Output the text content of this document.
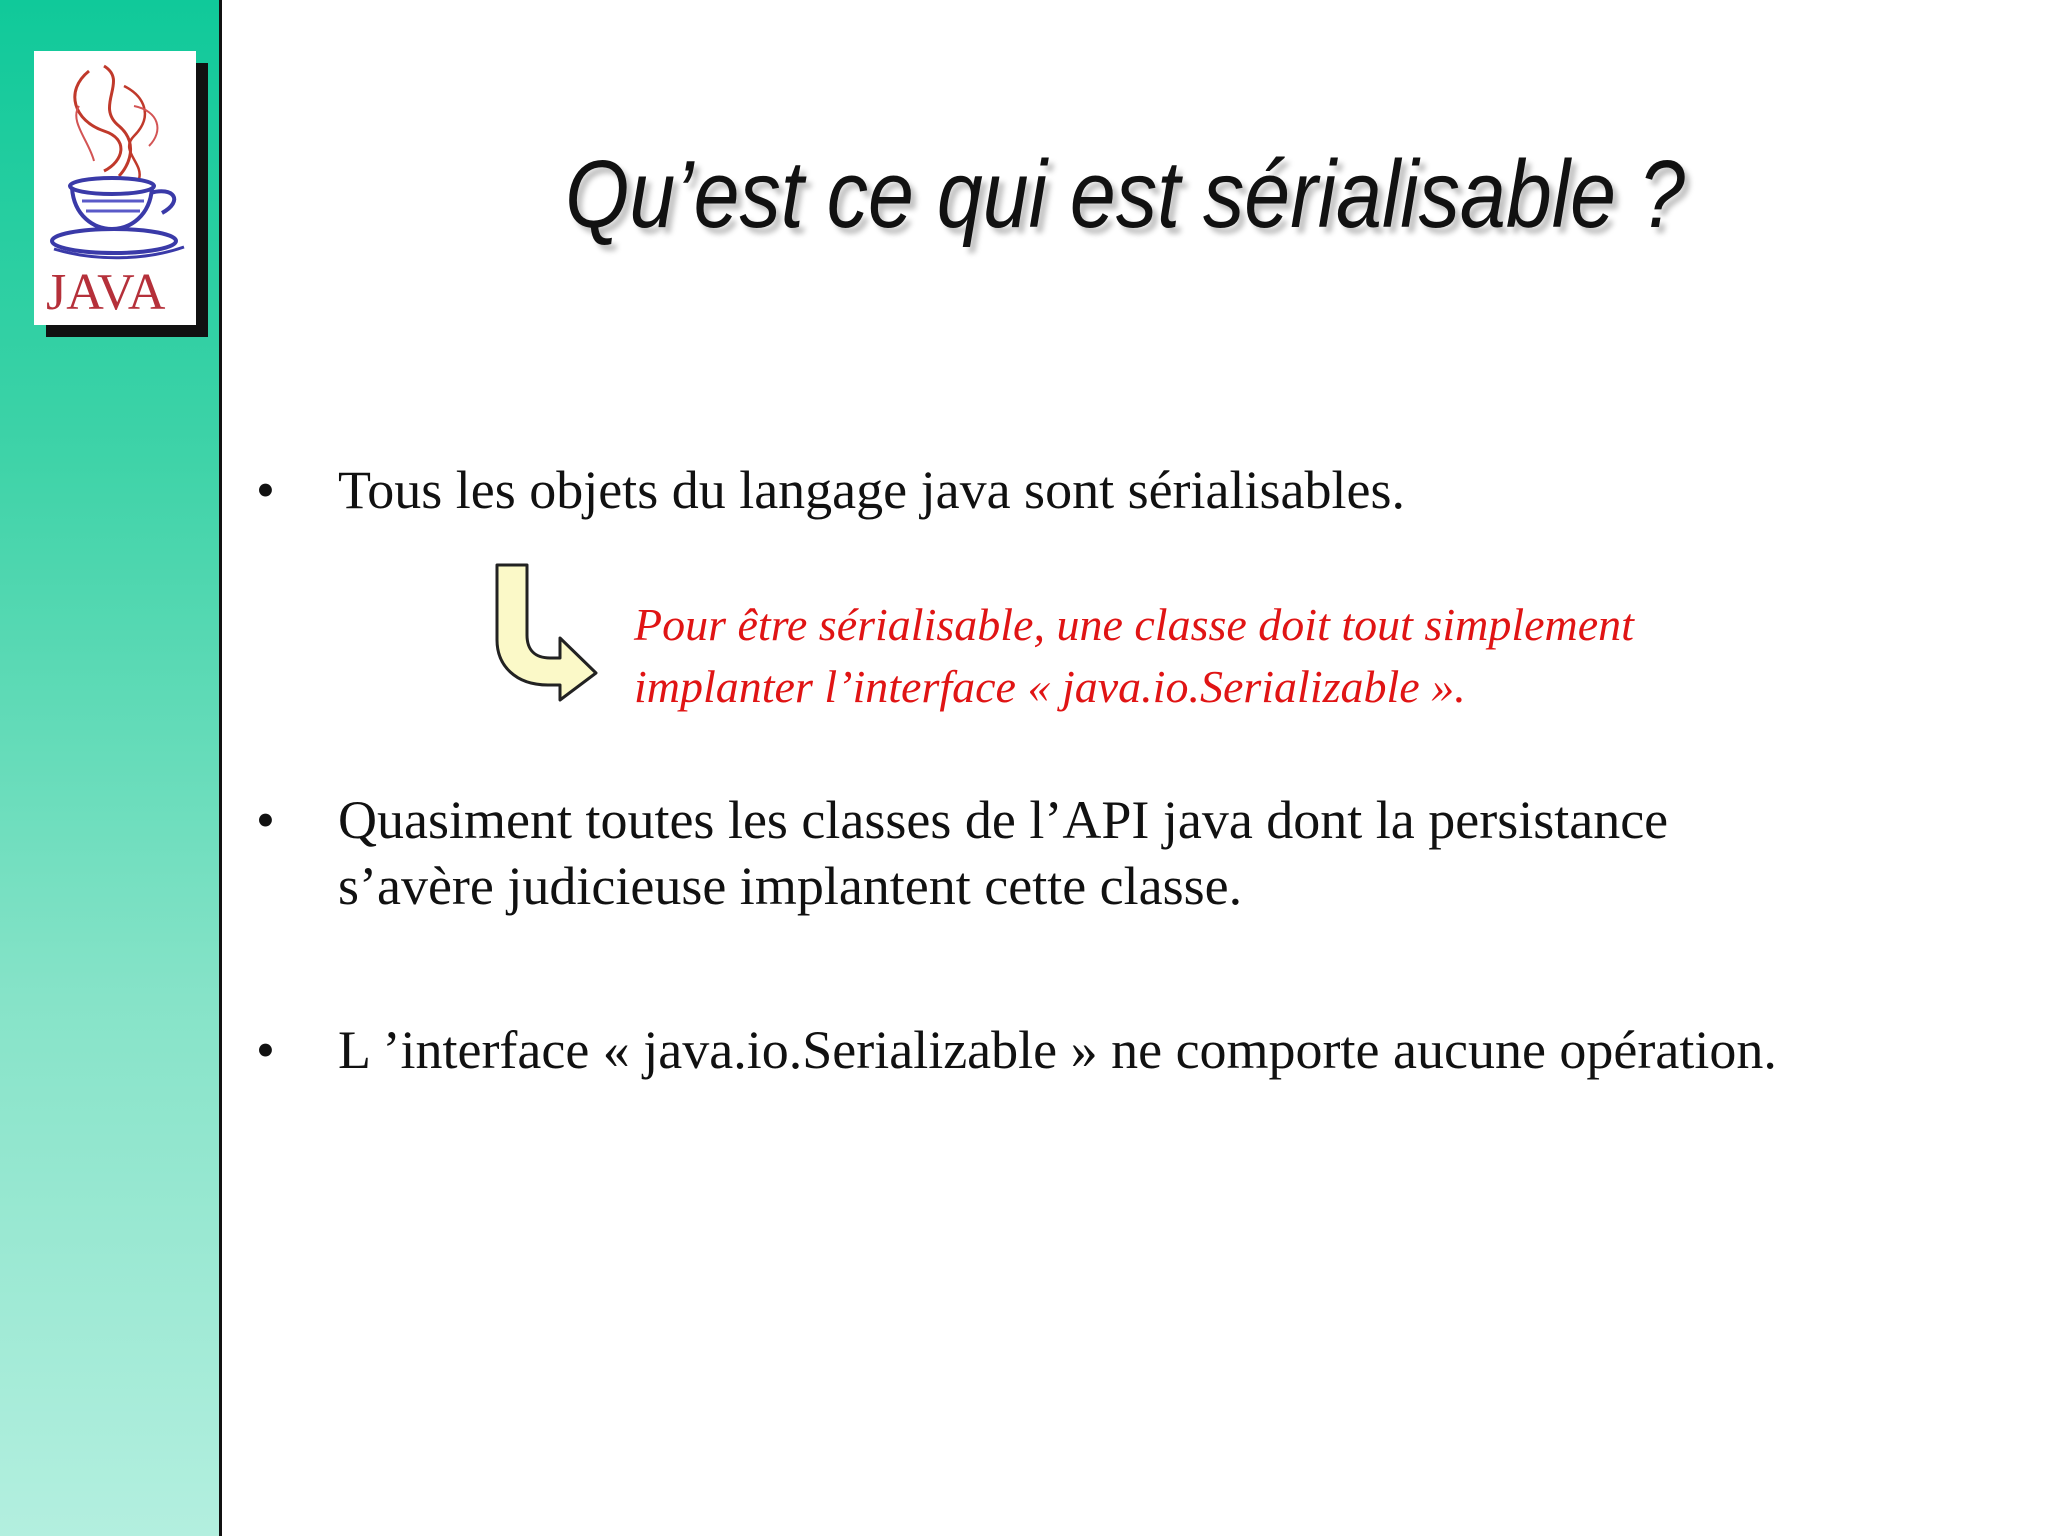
JAVA
Qu’est ce qui est sérialisable ?
• Tous les objets du langage java sont sérialisables.
Pour être sérialisable, une classe doit tout simplement
implanter l’interface « java.io.Serializable ».
• Quasiment toutes les classes de l’API java dont la persistance
s’avère judicieuse implantent cette classe.
• L ’interface « java.io.Serializable » ne comporte aucune opération.
